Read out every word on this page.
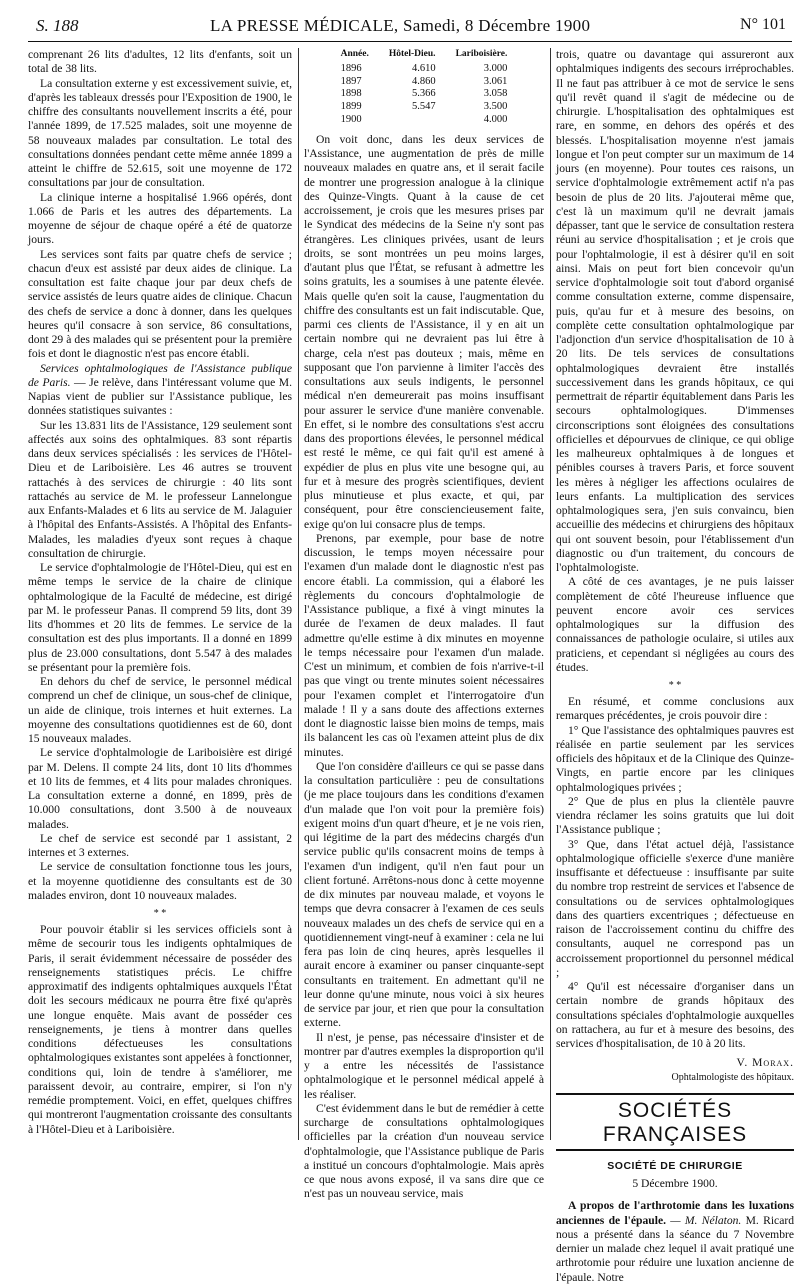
S. 188	LA PRESSE MÉDICALE, Samedi, 8 Décembre 1900	N° 101

comprenant 26 lits d'adultes, 12 lits d'enfants, soit un total de 38 lits.

La consultation externe y est excessivement suivie, et, d'après les tableaux dressés pour l'Exposition de 1900, le chiffre des consultants nouvellement inscrits a été, pour l'année 1899, de 17.525 malades, soit une moyenne de 58 nouveaux malades par consultation. Le total des consultations données pendant cette même année 1899 a atteint le chiffre de 52.615, soit une moyenne de 172 consultations par jour de consultation.

La clinique interne a hospitalisé 1.966 opérés, dont 1.066 de Paris et les autres des départements. La moyenne de séjour de chaque opéré a été de quatorze jours.

Les services sont faits par quatre chefs de service ; chacun d'eux est assisté par deux aides de clinique. La consultation est faite chaque jour par deux chefs de service assistés de leurs quatre aides de clinique. Chacun des chefs de service a donc à donner, dans les quelques heures qu'il consacre à son service, 86 consultations, dont 29 à des malades qui se présentent pour la première fois et dont le diagnostic n'est pas encore établi.

Services ophtalmologiques de l'Assistance publique de Paris. — Je relève, dans l'intéressant volume que M. Napias vient de publier sur l'Assistance publique, les données statistiques suivantes :

Sur les 13.831 lits de l'Assistance, 129 seulement sont affectés aux soins des ophtalmiques. 83 sont répartis dans deux services spécialisés : les services de l'Hôtel-Dieu et de Lariboisière. Les 46 autres se trouvent rattachés à des services de chirurgie : 40 lits sont rattachés au service de M. le professeur Lannelongue aux Enfants-Malades et 6 lits au service de M. Jalaguier à l'hôpital des Enfants-Assistés. A l'hôpital des Enfants-Malades, les maladies d'yeux sont reçues à chaque consultation de chirurgie.

Le service d'ophtalmologie de l'Hôtel-Dieu, qui est en même temps le service de la chaire de clinique ophtalmologique de la Faculté de médecine, est dirigé par M. le professeur Panas. Il comprend 59 lits, dont 39 lits d'hommes et 20 lits de femmes. Le service de la consultation est des plus importants. Il a donné en 1899 plus de 23.000 consultations, dont 5.547 à des malades se présentant pour la première fois.

En dehors du chef de service, le personnel médical comprend un chef de clinique, un sous-chef de clinique, un aide de clinique, trois internes et huit externes. La moyenne des consultations quotidiennes est de 60, dont 15 nouveaux malades.

Le service d'ophtalmologie de Lariboisière est dirigé par M. Delens. Il compte 24 lits, dont 10 lits d'hommes et 10 lits de femmes, et 4 lits pour malades chroniques. La consultation externe a donné, en 1899, près de 10.000 consultations, dont 3.500 à de nouveaux malades.

Le chef de service est secondé par 1 assistant, 2 internes et 3 externes.

Le service de consultation fonctionne tous les jours, et la moyenne quotidienne des consultants est de 30 malades environ, dont 10 nouveaux malades.

* *

Pour pouvoir établir si les services officiels sont à même de secourir tous les indigents ophtalmiques de Paris, il serait évidemment nécessaire de posséder des renseignements statistiques précis. Le chiffre approximatif des indigents ophtalmiques auxquels l'État doit les secours médicaux ne pourra être fixé qu'après une longue enquête. Mais avant de posséder ces renseignements, je tiens à montrer dans quelles conditions défectueuses les consultations ophtalmologiques existantes sont appelées à fonctionner, conditions qui, loin de tendre à s'améliorer, me paraissent devoir, au contraire, empirer, si l'on n'y remédie promptement. Voici, en effet, quelques chiffres qui montreront l'augmentation croissante des consultants à l'Hôtel-Dieu et à Lariboisière.

Année.	Hôtel-Dieu.	Lariboisière.
1896	4.610	3.000
1897	4.860	3.061
1898	5.366	3.058
1899	5.547	3.500
1900		4.000

On voit donc, dans les deux services de l'Assistance, une augmentation de près de mille nouveaux malades en quatre ans, et il serait facile de montrer une progression analogue à la clinique des Quinze-Vingts. Quant à la cause de cet accroissement, je crois que les mesures prises par le Syndicat des médecins de la Seine n'y sont pas étrangères. Les cliniques privées, usant de leurs droits, se sont montrées un peu moins larges, d'autant plus que l'État, se refusant à admettre les soins gratuits, les a soumises à une patente élevée. Mais quelle qu'en soit la cause, l'augmentation du chiffre des consultants est un fait indiscutable. Que, parmi ces clients de l'Assistance, il y en ait un certain nombre qui ne devraient pas lui être à charge, cela n'est pas douteux ; mais, même en supposant que l'on parvienne à limiter l'accès des consultations aux seuls indigents, le personnel médical n'en demeurerait pas moins insuffisant pour assurer le service d'une manière convenable. En effet, si le nombre des consultations s'est accru dans des proportions élevées, le personnel médical est resté le même, ce qui fait qu'il est amené à expédier de plus en plus vite une besogne qui, au fur et à mesure des progrès scientifiques, devient plus minutieuse et plus exacte, et qui, par conséquent, pour être consciencieusement faite, exige qu'on lui consacre plus de temps.

Prenons, par exemple, pour base de notre discussion, le temps moyen nécessaire pour l'examen d'un malade dont le diagnostic n'est pas encore établi. La commission, qui a élaboré les règlements du concours d'ophtalmologie de l'Assistance publique, a fixé à vingt minutes la durée de l'examen de deux malades. Il faut admettre qu'elle estime à dix minutes en moyenne le temps nécessaire pour l'examen d'un malade. C'est un minimum, et combien de fois n'arrive-t-il pas que vingt ou trente minutes soient nécessaires pour l'examen complet et l'interrogatoire d'un malade ! Il y a sans doute des affections externes dont le diagnostic laisse bien moins de temps, mais ils balancent les cas où l'examen atteint plus de dix minutes.

Que l'on considère d'ailleurs ce qui se passe dans la consultation particulière : peu de consultations (je me place toujours dans les conditions d'examen d'un malade que l'on voit pour la première fois) exigent moins d'un quart d'heure, et je ne vois rien, qui légitime de la part des médecins chargés d'un service public qu'ils consacrent moins de temps à l'examen d'un indigent, qu'il n'en faut pour un client fortuné. Arrêtons-nous donc à cette moyenne de dix minutes par nouveau malade, et voyons le temps que devra consacrer à l'examen de ces seuls nouveaux malades un des chefs de service qui en a quotidiennement vingt-neuf à examiner : cela ne lui fera pas loin de cinq heures, après lesquelles il aurait encore à examiner ou panser cinquante-sept consultants en traitement. En admettant qu'il ne leur donne qu'une minute, nous voici à six heures de service par jour, et rien que pour la consultation externe.

Il n'est, je pense, pas nécessaire d'insister et de montrer par d'autres exemples la disproportion qu'il y a entre les nécessités de l'assistance ophtalmologique et le personnel médical appelé à les réaliser.

C'est évidemment dans le but de remédier à cette surcharge de consultations ophtalmologiques officielles par la création d'un nouveau service d'ophtalmologie, que l'Assistance publique de Paris a institué un concours d'ophtalmologie. Mais après ce que nous avons exposé, il va sans dire que ce n'est pas un nouveau service, mais

trois, quatre ou davantage qui assureront aux ophtalmiques indigents des secours irréprochables. Il ne faut pas attribuer à ce mot de service le sens qu'il revêt quand il s'agit de médecine ou de chirurgie. L'hospitalisation des ophtalmiques est rare, en somme, en dehors des opérés et des blessés. L'hospitalisation moyenne n'est jamais longue et l'on peut compter sur un maximum de 14 jours (en moyenne). Pour toutes ces raisons, un service d'ophtalmologie extrêmement actif n'a pas besoin de plus de 20 lits. J'ajouterai même que, c'est là un maximum qu'il ne devrait jamais dépasser, tant que le service de consultation restera réuni au service d'hospitalisation ; et je crois que pour l'ophtalmologie, il est à désirer qu'il en soit ainsi. Mais on peut fort bien concevoir qu'un service d'ophtalmologie soit tout d'abord organisé comme consultation externe, comme dispensaire, puis, qu'au fur et à mesure des besoins, on complète cette consultation ophtalmologique par l'adjonction d'un service d'hospitalisation de 10 à 20 lits. De tels services de consultations ophtalmologiques devraient être installés successivement dans les grands hôpitaux, ce qui permettrait de répartir équitablement dans Paris les secours ophtalmologiques. D'immenses circonscriptions sont éloignées des consultations officielles et dépourvues de clinique, ce qui oblige les malheureux ophtalmiques à de longues et pénibles courses à travers Paris, et force souvent les mères à négliger les affections oculaires de leurs enfants. La multiplication des services ophtalmologiques sera, j'en suis convaincu, bien accueillie des médecins et chirurgiens des hôpitaux qui ont souvent besoin, pour l'établissement d'un diagnostic ou d'un traitement, du concours de l'ophtalmologiste.

A côté de ces avantages, je ne puis laisser complètement de côté l'heureuse influence que peuvent encore avoir ces services ophtalmologiques sur la diffusion des connaissances de pathologie oculaire, si utiles aux praticiens, et cependant si négligées au cours des études.

* *

En résumé, et comme conclusions aux remarques précédentes, je crois pouvoir dire :

1° Que l'assistance des ophtalmiques pauvres est réalisée en partie seulement par les services officiels des hôpitaux et de la Clinique des Quinze-Vingts, en partie encore par les cliniques ophtalmologiques privées ;

2° Que de plus en plus la clientèle pauvre viendra réclamer les soins gratuits que lui doit l'Assistance publique ;

3° Que, dans l'état actuel déjà, l'assistance ophtalmologique officielle s'exerce d'une manière insuffisante et défectueuse : insuffisante par suite du nombre trop restreint de services et l'absence de consultations ou de services ophtalmologiques dans des quartiers excentriques ; défectueuse en raison de l'accroissement continu du chiffre des consultants, auquel ne correspond pas un accroissement proportionnel du personnel médical ;

4° Qu'il est nécessaire d'organiser dans un certain nombre de grands hôpitaux des consultations spéciales d'ophtalmologie auxquelles on rattachera, au fur et à mesure des besoins, des services d'hospitalisation, de 10 à 20 lits.

V. Morax.
Ophtalmologiste des hôpitaux.
SOCIÉTÉS FRANÇAISES
SOCIÉTÉ DE CHIRURGIE
5 Décembre 1900.

A propos de l'arthrotomie dans les luxations anciennes de l'épaule. — M. Nélaton. M. Ricard nous a présenté dans la séance du 7 Novembre dernier un malade chez lequel il avait pratiqué une arthrotomie pour réduire une luxation ancienne de l'épaule. Notre
